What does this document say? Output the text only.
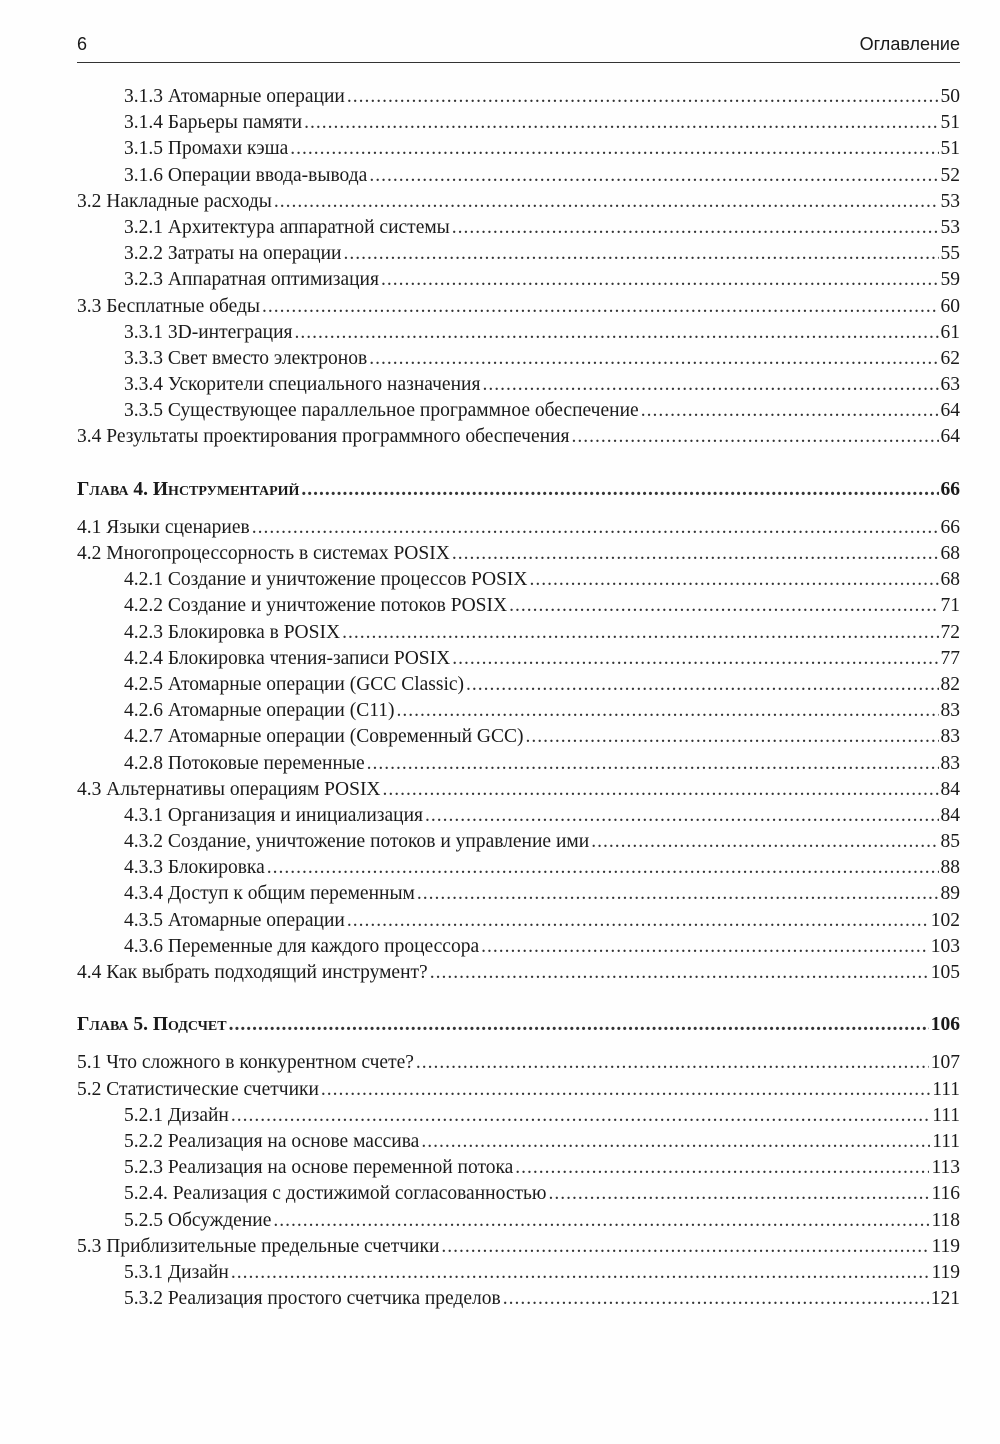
6	Оглавление
3.1.3 Атомарные операции .....	50
3.1.4 Барьеры памяти .....	51
3.1.5 Промахи кэша .....	51
3.1.6 Операции ввода-вывода .....	52
3.2 Накладные расходы .....	53
3.2.1 Архитектура аппаратной системы .....	53
3.2.2 Затраты на операции .....	55
3.2.3 Аппаратная оптимизация .....	59
3.3 Бесплатные обеды .....	60
3.3.1 3D-интеграция .....	61
3.3.3 Свет вместо электронов .....	62
3.3.4 Ускорители специального назначения .....	63
3.3.5 Существующее параллельное программное обеспечение .....	64
3.4 Результаты проектирования программного обеспечения .....	64
Глава 4. Инструментарий .....	66
4.1 Языки сценариев .....	66
4.2 Многопроцессорность в системах POSIX .....	68
4.2.1 Создание и уничтожение процессов POSIX .....	68
4.2.2 Создание и уничтожение потоков POSIX .....	71
4.2.3 Блокировка в POSIX .....	72
4.2.4 Блокировка чтения-записи POSIX .....	77
4.2.5 Атомарные операции (GCC Classic) .....	82
4.2.6 Атомарные операции (C11) .....	83
4.2.7 Атомарные операции (Современный GCC) .....	83
4.2.8 Потоковые переменные .....	83
4.3 Альтернативы операциям POSIX .....	84
4.3.1 Организация и инициализация .....	84
4.3.2 Создание, уничтожение потоков и управление ими .....	85
4.3.3 Блокировка .....	88
4.3.4 Доступ к общим переменным .....	89
4.3.5 Атомарные операции .....	102
4.3.6 Переменные для каждого процессора .....	103
4.4 Как выбрать подходящий инструмент? .....	105
Глава 5. Подсчет .....	106
5.1 Что сложного в конкурентном счете? .....	107
5.2 Статистические счетчики .....	111
5.2.1 Дизайн .....	111
5.2.2 Реализация на основе массива .....	111
5.2.3 Реализация на основе переменной потока .....	113
5.2.4. Реализация с достижимой согласованностью .....	116
5.2.5 Обсуждение .....	118
5.3 Приблизительные предельные счетчики .....	119
5.3.1 Дизайн .....	119
5.3.2 Реализация простого счетчика пределов .....	121
